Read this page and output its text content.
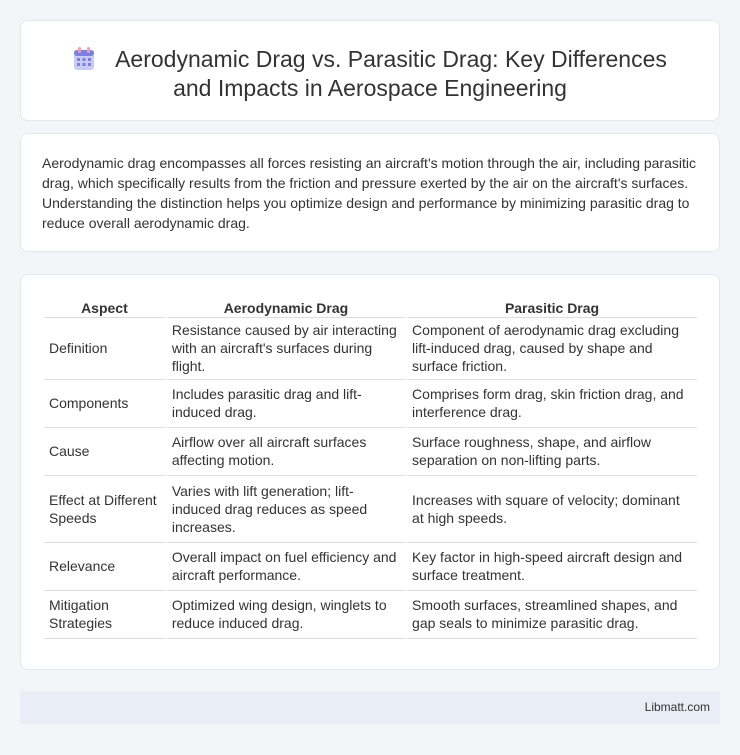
Aerodynamic Drag vs. Parasitic Drag: Key Differences
and Impacts in Aerospace Engineering

Aerodynamic drag encompasses all forces resisting an aircraft's motion through the air, including parasitic drag, which specifically results from the friction and pressure exerted by the air on the aircraft's surfaces. Understanding the distinction helps you optimize design and performance by minimizing parasitic drag to reduce overall aerodynamic drag.

Aspect	Aerodynamic Drag	Parasitic Drag
Definition	Resistance caused by air interacting with an aircraft's surfaces during flight.	Component of aerodynamic drag excluding lift-induced drag, caused by shape and surface friction.
Components	Includes parasitic drag and lift-induced drag.	Comprises form drag, skin friction drag, and interference drag.
Cause	Airflow over all aircraft surfaces affecting motion.	Surface roughness, shape, and airflow separation on non-lifting parts.
Effect at Different Speeds	Varies with lift generation; lift-induced drag reduces as speed increases.	Increases with square of velocity; dominant at high speeds.
Relevance	Overall impact on fuel efficiency and aircraft performance.	Key factor in high-speed aircraft design and surface treatment.
Mitigation Strategies	Optimized wing design, winglets to reduce induced drag.	Smooth surfaces, streamlined shapes, and gap seals to minimize parasitic drag.
Libmatt.com
